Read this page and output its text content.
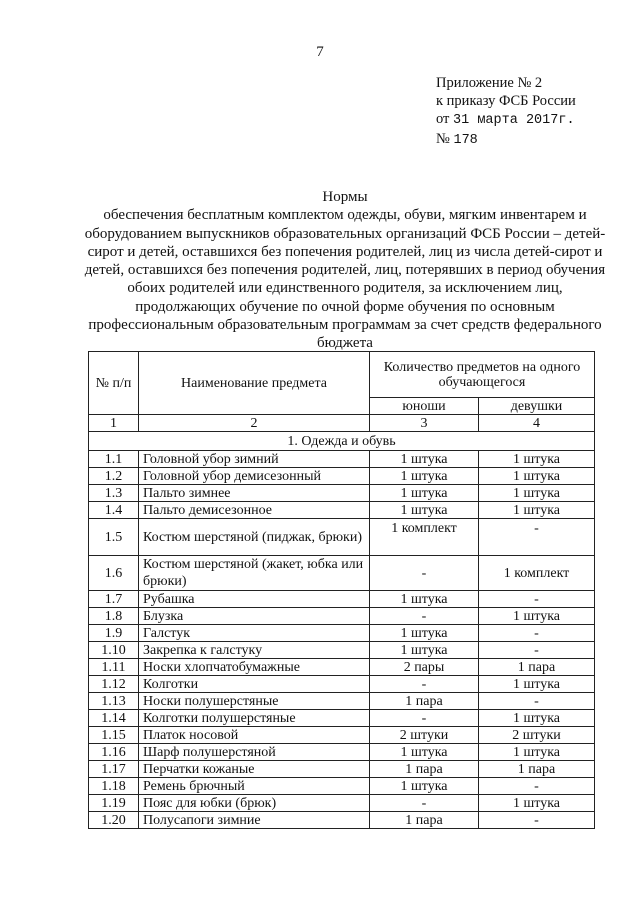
7
Приложение № 2
к приказу ФСБ России
от 31 марта 2017г.
№ 178
Нормы
обеспечения бесплатным комплектом одежды, обуви, мягким инвентарем и оборудованием выпускников образовательных организаций ФСБ России – детей-сирот и детей, оставшихся без попечения родителей, лиц из числа детей-сирот и детей, оставшихся без попечения родителей, лиц, потерявших в период обучения обоих родителей или единственного родителя, за исключением лиц, продолжающих обучение по очной форме обучения по основным профессиональным образовательным программам за счет средств федерального бюджета
№ п/п	Наименование предмета	Количество предметов на одного обучающегося	
		юноши	девушки
1	2	3	4
1. Одежда и обувь			
1.1	Головной убор зимний	1 штука	1 штука
1.2	Головной убор демисезонный	1 штука	1 штука
1.3	Пальто зимнее	1 штука	1 штука
1.4	Пальто демисезонное	1 штука	1 штука
1.5	Костюм шерстяной (пиджак, брюки)	1 комплект	-
1.6	Костюм шерстяной (жакет, юбка или брюки)	-	1 комплект
1.7	Рубашка	1 штука	-
1.8	Блузка	-	1 штука
1.9	Галстук	1 штука	-
1.10	Закрепка к галстуку	1 штука	-
1.11	Носки хлопчатобумажные	2 пары	1 пара
1.12	Колготки	-	1 штука
1.13	Носки полушерстяные	1 пара	-
1.14	Колготки полушерстяные	-	1 штука
1.15	Платок носовой	2 штуки	2 штуки
1.16	Шарф полушерстяной	1 штука	1 штука
1.17	Перчатки кожаные	1 пара	1 пара
1.18	Ремень брючный	1 штука	-
1.19	Пояс для юбки (брюк)	-	1 штука
1.20	Полусапоги зимние	1 пара	-
